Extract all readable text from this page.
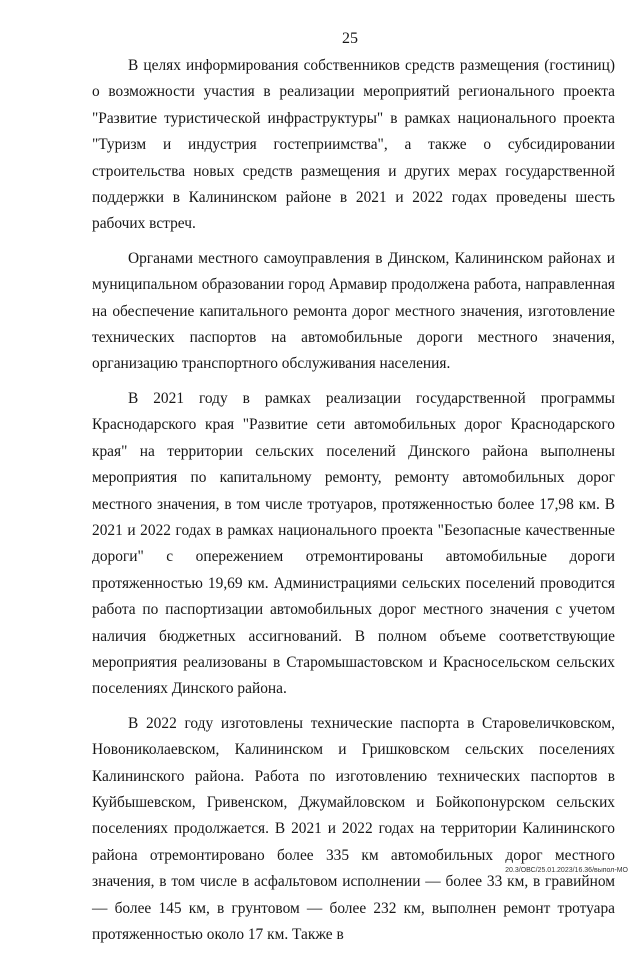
25

В целях информирования собственников средств размещения (гостиниц) о возможности участия в реализации мероприятий регионального проекта "Развитие туристической инфраструктуры" в рамках национального проекта "Туризм и индустрия гостеприимства", а также о субсидировании строительства новых средств размещения и других мерах государственной поддержки в Калининском районе в 2021 и 2022 годах проведены шесть рабочих встреч.

Органами местного самоуправления в Динском, Калининском районах и муниципальном образовании город Армавир продолжена работа, направленная на обеспечение капитального ремонта дорог местного значения, изготовление технических паспортов на автомобильные дороги местного значения, организацию транспортного обслуживания населения.

В 2021 году в рамках реализации государственной программы Краснодарского края "Развитие сети автомобильных дорог Краснодарского края" на территории сельских поселений Динского района выполнены мероприятия по капитальному ремонту, ремонту автомобильных дорог местного значения, в том числе тротуаров, протяженностью более 17,98 км. В 2021 и 2022 годах в рамках национального проекта "Безопасные качественные дороги" с опережением отремонтированы автомобильные дороги протяженностью 19,69 км. Администрациями сельских поселений проводится работа по паспортизации автомобильных дорог местного значения с учетом наличия бюджетных ассигнований. В полном объеме соответствующие мероприятия реализованы в Старомышастовском и Красносельском сельских поселениях Динского района.

В 2022 году изготовлены технические паспорта в Старовеличковском, Новониколаевском, Калининском и Гришковском сельских поселениях Калининского района. Работа по изготовлению технических паспортов в Куйбышевском, Гривенском, Джумайловском и Бойкопонурском сельских поселениях продолжается. В 2021 и 2022 годах на территории Калининского района отремонтировано более 335 км автомобильных дорог местного значения, в том числе в асфальтовом исполнении — более 33 км, в гравийном — более 145 км, в грунтовом — более 232 км, выполнен ремонт тротуара протяженностью около 17 км. Также в

20.3/ОВС/25.01.2023/16.36/выпол-МО
